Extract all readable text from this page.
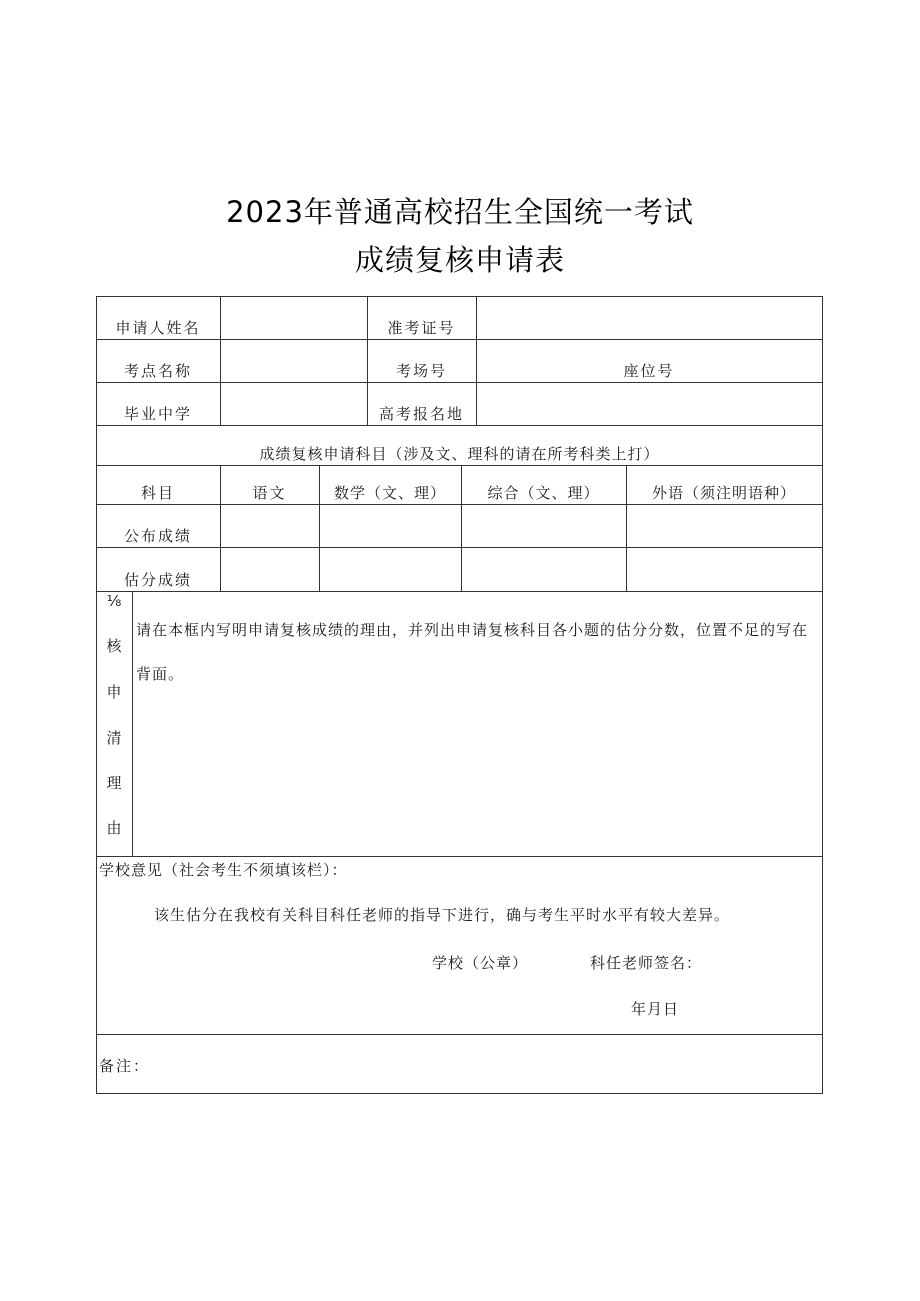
2023年普通高校招生全国统一考试
成绩复核申请表
申请人姓名	准考证号
考点名称	考场号	座位号
毕业中学	高考报名地
成绩复核申请科目（涉及文、理科的请在所考科类上打）
科目	语文	数学（文、理）	综合（文、理）	外语（须注明语种）
公布成绩
估分成绩
⅛
核
申
清
理
由
请在本框内写明申请复核成绩的理由，并列出申请复核科目各小题的估分分数，位置不足的写在背面。
学校意见（社会考生不须填该栏）：
该生估分在我校有关科目科任老师的指导下进行，确与考生平时水平有较大差异。
学校（公章）	科任老师签名：
年月日
备注：
